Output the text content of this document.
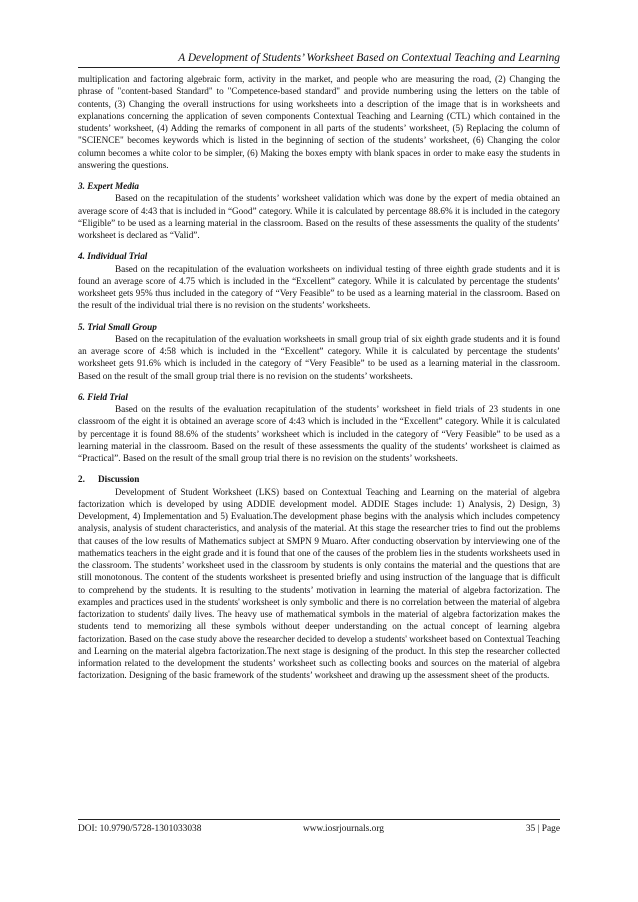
A Development of Students’ Worksheet Based on Contextual Teaching and Learning

multiplication and factoring algebraic form, activity in the market, and people who are measuring the road, (2) Changing the phrase of "content-based Standard" to "Competence-based standard" and provide numbering using the letters on the table of contents, (3) Changing the overall instructions for using worksheets into a description of the image that is in worksheets and explanations concerning the application of seven components Contextual Teaching and Learning (CTL) which contained in the students’ worksheet, (4) Adding the remarks of component in all parts of the students’ worksheet, (5) Replacing the column of "SCIENCE" becomes keywords which is listed in the beginning of section of the students’ worksheet, (6) Changing the color column becomes a white color to be simpler, (6) Making the boxes empty with blank spaces in order to make easy the students in answering the questions.

3. Expert Media

Based on the recapitulation of the students’ worksheet validation which was done by the expert of media obtained an average score of 4:43 that is included in “Good” category. While it is calculated by percentage 88.6% it is included in the category “Eligible” to be used as a learning material in the classroom. Based on the results of these assessments the quality of the students’ worksheet is declared as “Valid”.

4. Individual Trial

Based on the recapitulation of the evaluation worksheets on individual testing of three eighth grade students and it is found an average score of 4.75 which is included in the “Excellent” category. While it is calculated by percentage the students’ worksheet gets 95% thus included in the category of “Very Feasible” to be used as a learning material in the classroom. Based on the result of the individual trial there is no revision on the students’ worksheets.

5. Trial Small Group

Based on the recapitulation of the evaluation worksheets in small group trial of six eighth grade students and it is found an average score of 4:58 which is included in the “Excellent” category. While it is calculated by percentage the students’ worksheet gets 91.6% which is included in the category of “Very Feasible” to be used as a learning material in the classroom. Based on the result of the small group trial there is no revision on the students’ worksheets.

6. Field Trial

Based on the results of the evaluation recapitulation of the students’ worksheet in field trials of 23 students in one classroom of the eight it is obtained an average score of 4:43 which is included in the “Excellent” category. While it is calculated by percentage it is found 88.6% of the students’ worksheet which is included in the category of “Very Feasible” to be used as a learning material in the classroom. Based on the result of these assessments the quality of the students’ worksheet is claimed as “Practical”. Based on the result of the small group trial there is no revision on the students’ worksheets.

2. Discussion

Development of Student Worksheet (LKS) based on Contextual Teaching and Learning on the material of algebra factorization which is developed by using ADDIE development model. ADDIE Stages include: 1) Analysis, 2) Design, 3) Development, 4) Implementation and 5) Evaluation.The development phase begins with the analysis which includes competency analysis, analysis of student characteristics, and analysis of the material. At this stage the researcher tries to find out the problems that causes of the low results of Mathematics subject at SMPN 9 Muaro. After conducting observation by interviewing one of the mathematics teachers in the eight grade and it is found that one of the causes of the problem lies in the students worksheets used in the classroom. The students’ worksheet used in the classroom by students is only contains the material and the questions that are still monotonous. The content of the students worksheet is presented briefly and using instruction of the language that is difficult to comprehend by the students. It is resulting to the students’ motivation in learning the material of algebra factorization. The examples and practices used in the students' worksheet is only symbolic and there is no correlation between the material of algebra factorization to students' daily lives. The heavy use of mathematical symbols in the material of algebra factorization makes the students tend to memorizing all these symbols without deeper understanding on the actual concept of learning algebra factorization. Based on the case study above the researcher decided to develop a students' worksheet based on Contextual Teaching and Learning on the material algebra factorization.The next stage is designing of the product. In this step the researcher collected information related to the development the students’ worksheet such as collecting books and sources on the material of algebra factorization. Designing of the basic framework of the students’ worksheet and drawing up the assessment sheet of the products.

DOI: 10.9790/5728-1301033038	www.iosrjournals.org	35 | Page
